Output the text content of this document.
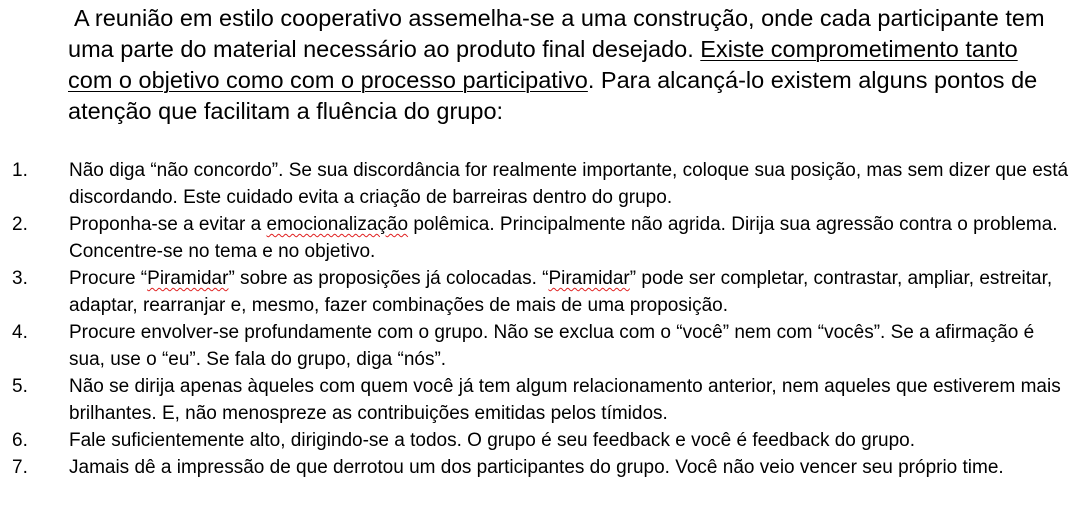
A reunião em estilo cooperativo assemelha-se a uma construção, onde cada participante tem uma parte do material necessário ao produto final desejado. Existe comprometimento tanto com o objetivo como com o processo participativo. Para alcançá-lo existem alguns pontos de atenção que facilitam a fluência do grupo:

1. Não diga “não concordo”. Se sua discordância for realmente importante, coloque sua posição, mas sem dizer que está discordando. Este cuidado evita a criação de barreiras dentro do grupo.
2. Proponha-se a evitar a emocionalização polêmica. Principalmente não agrida. Dirija sua agressão contra o problema. Concentre-se no tema e no objetivo.
3. Procure “Piramidar” sobre as proposições já colocadas. “Piramidar” pode ser completar, contrastar, ampliar, estreitar, adaptar, rearranjar e, mesmo, fazer combinações de mais de uma proposição.
4. Procure envolver-se profundamente com o grupo. Não se exclua com o “você” nem com “vocês”. Se a afirmação é sua, use o “eu”. Se fala do grupo, diga “nós”.
5. Não se dirija apenas àqueles com quem você já tem algum relacionamento anterior, nem aqueles que estiverem mais brilhantes. E, não menospreze as contribuições emitidas pelos tímidos.
6. Fale suficientemente alto, dirigindo-se a todos. O grupo é seu feedback e você é feedback do grupo.
7. Jamais dê a impressão de que derrotou um dos participantes do grupo. Você não veio vencer seu próprio time.
